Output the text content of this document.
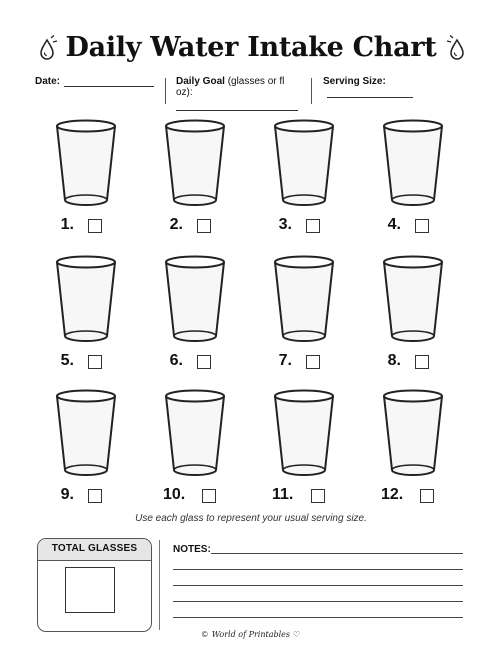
Daily Water Intake Chart
Date:	Daily Goal (glasses or fl oz):
Serving Size:
1.	2.	3.	4.
5.	6.	7.	8.
9.	10.	11.	12.
Use each glass to represent your usual serving size.
TOTAL GLASSES	NOTES:
© World of Printables ♡
